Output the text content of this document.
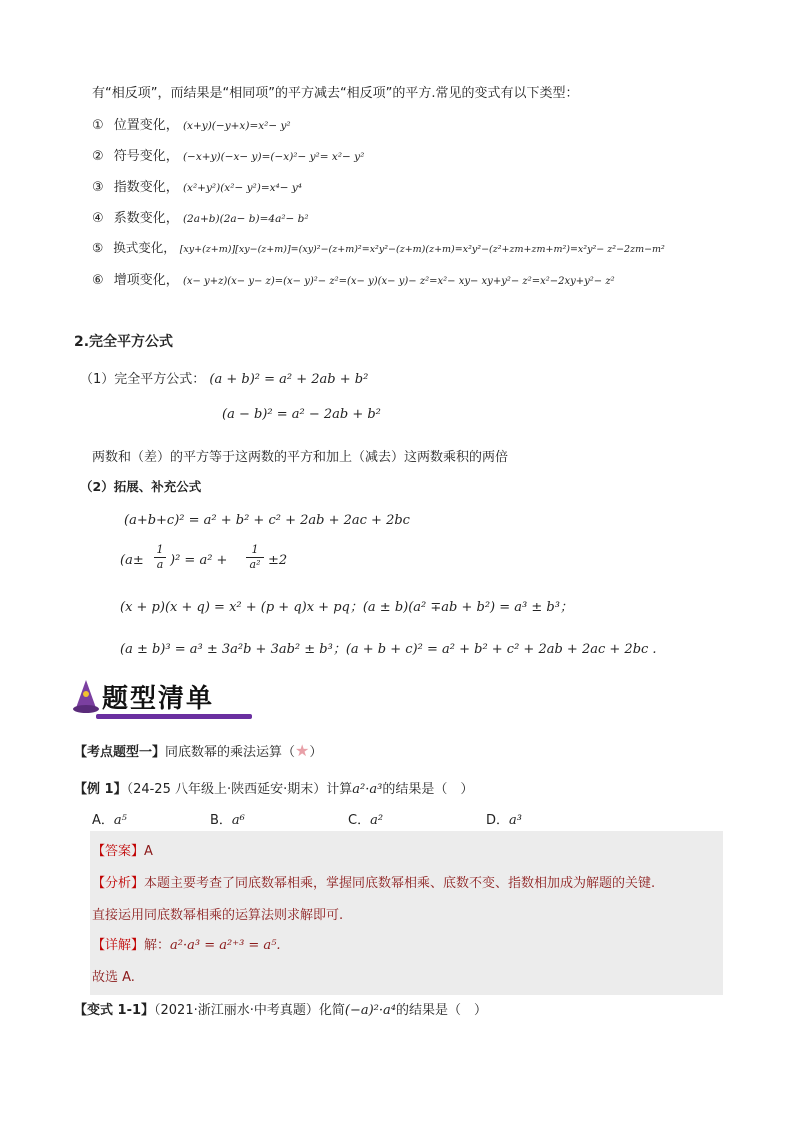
有“相反项”，而结果是“相同项”的平方减去“相反项”的平方.常见的变式有以下类型：
① 位置变化， (x+y)(−y+x)=x²− y²
② 符号变化， (−x+y)(−x− y)=(−x)²− y²= x²− y²
③ 指数变化， (x²+y²)(x²− y²)=x⁴− y⁴
④ 系数变化， (2a+b)(2a− b)=4a²− b²
⑤ 换式变化， [xy+(z+m)][xy−(z+m)]=(xy)²−(z+m)²=x²y²−(z+m)(z+m)=x²y²−(z²+zm+zm+m²)=x²y²− z²−2zm−m²
⑥ 增项变化， (x− y+z)(x− y− z)=(x− y)²− z²=(x− y)(x− y)− z²=x²− xy− xy+y²− z²=x²−2xy+y²− z²
2.完全平方公式
（1）完全平方公式： (a + b)² = a² + 2ab + b²
(a − b)² = a² − 2ab + b²
两数和（差）的平方等于这两数的平方和加上（减去）这两数乘积的两倍
（2）拓展、补充公式
(a+b+c)² = a² + b² + c² + 2ab + 2ac + 2bc
$(a\pm \frac{1}{a} )^2 = a^2 + \frac{1}{\text{a²}} \pm 2$
(x + p)(x + q) = x² + (p + q)x + pq；(a ± b)(a² ∓ab + b²) = a³ ± b³；
(a ± b)³ = a³ ± 3a²b + 3ab² ± b³；(a + b + c)² = a² + b² + c² + 2ab + 2ac + 2bc .
题型清单
【考点题型一】同底数幂的乘法运算（★）
【例 1】（24-25 八年级上·陕西延安·期末）计算a²·a³的结果是（　）
A．a⁵	B．a⁶	C．a²	D．a³
【答案】A
【分析】本题主要考查了同底数幂相乘，掌握同底数幂相乘、底数不变、指数相加成为解题的关键.
直接运用同底数幂相乘的运算法则求解即可.
【详解】解：a²·a³ = a²⁺³ = a⁵.
故选 A.
【变式 1-1】（2021·浙江丽水·中考真题）化简(−a)²·a⁴的结果是（　）
